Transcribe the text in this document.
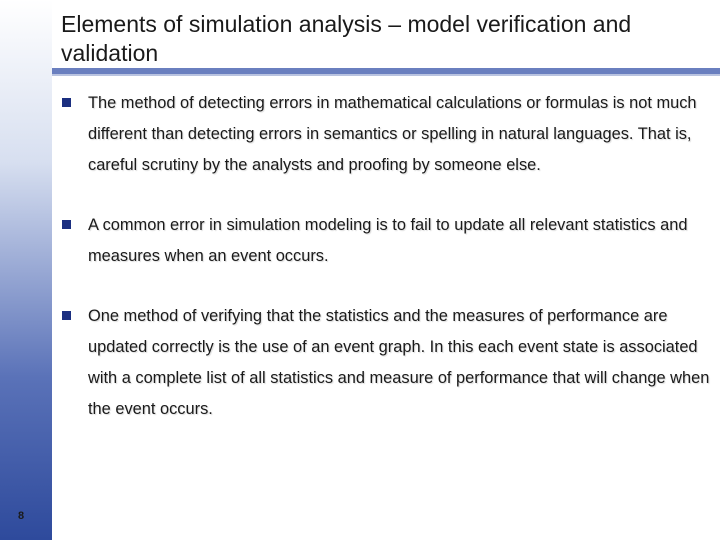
Elements of simulation analysis – model verification and validation
The method of detecting errors in mathematical calculations or formulas is not much different than detecting errors in semantics or spelling in natural languages. That is, careful scrutiny by the analysts and proofing by someone else.
A common error in simulation modeling is to fail to update all relevant statistics and measures when an event occurs.
One method of verifying that the statistics and the measures of performance are updated correctly is the use of an event graph. In this each event state is associated with a complete list of all statistics and measure of performance that will change when the event occurs.
8
